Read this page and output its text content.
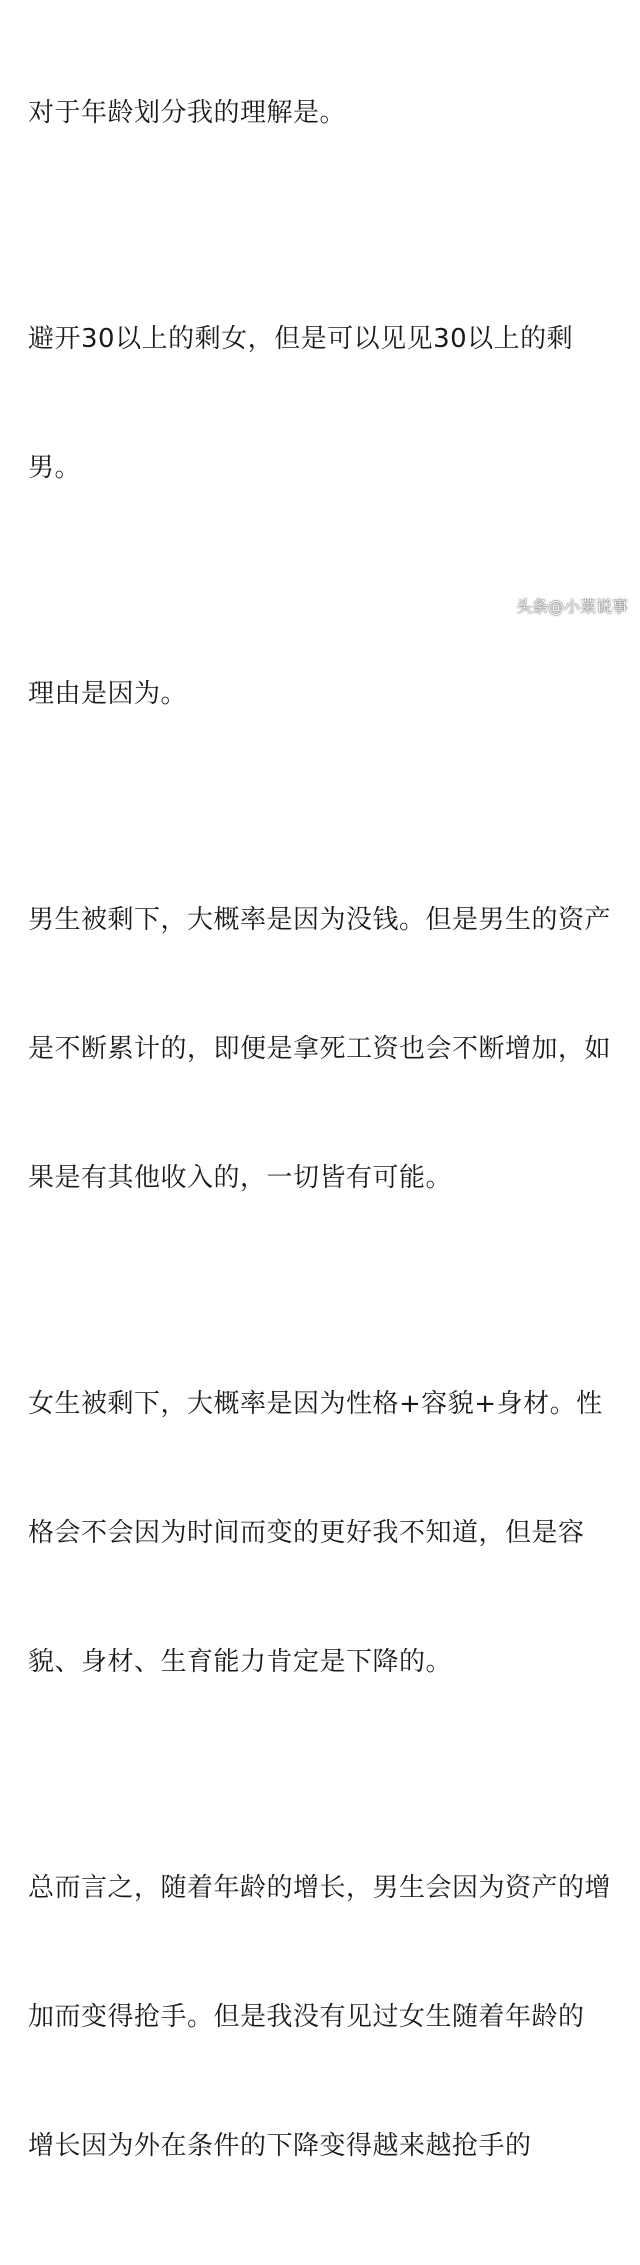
对于年龄划分我的理解是。

避开30以上的剩女，但是可以见见30以上的剩

男。

理由是因为。

男生被剩下，大概率是因为没钱。但是男生的资产

是不断累计的，即便是拿死工资也会不断增加，如

果是有其他收入的，一切皆有可能。

女生被剩下，大概率是因为性格+容貌+身材。性

格会不会因为时间而变的更好我不知道，但是容

貌、身材、生育能力肯定是下降的。

总而言之，随着年龄的增长，男生会因为资产的增

加而变得抢手。但是我没有见过女生随着年龄的

增长因为外在条件的下降变得越来越抢手的

头条@小莱说事
